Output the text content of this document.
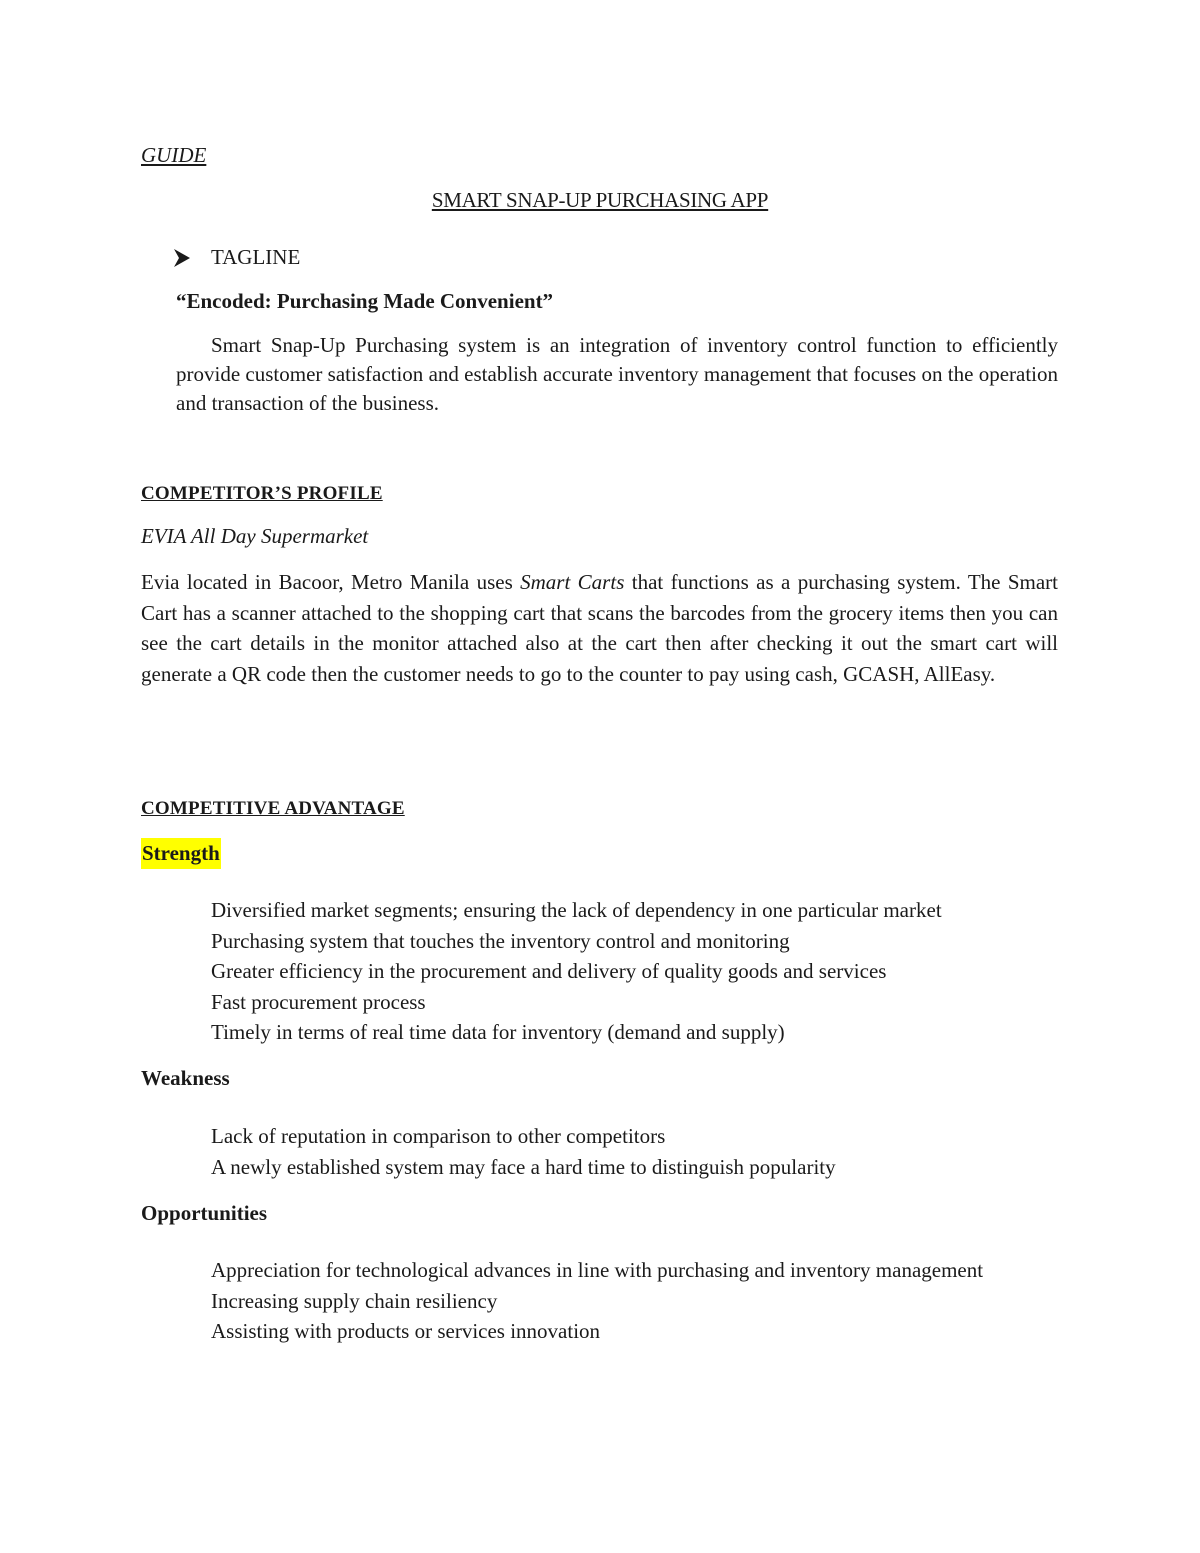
GUIDE
SMART SNAP-UP PURCHASING APP
TAGLINE
“Encoded: Purchasing Made Convenient”
Smart Snap-Up Purchasing system is an integration of inventory control function to efficiently provide customer satisfaction and establish accurate inventory management that focuses on the operation and transaction of the business.
COMPETITOR’S PROFILE
EVIA All Day Supermarket
Evia located in Bacoor, Metro Manila uses Smart Carts that functions as a purchasing system. The Smart Cart has a scanner attached to the shopping cart that scans the barcodes from the grocery items then you can see the cart details in the monitor attached also at the cart then after checking it out the smart cart will generate a QR code then the customer needs to go to the counter to pay using cash, GCASH, AllEasy.
COMPETITIVE ADVANTAGE
Strength
Diversified market segments; ensuring the lack of dependency in one particular market
Purchasing system that touches the inventory control and monitoring
Greater efficiency in the procurement and delivery of quality goods and services
Fast procurement process
Timely in terms of real time data for inventory (demand and supply)
Weakness
Lack of reputation in comparison to other competitors
A newly established system may face a hard time to distinguish popularity
Opportunities
Appreciation for technological advances in line with purchasing and inventory management
Increasing supply chain resiliency
Assisting with products or services innovation
